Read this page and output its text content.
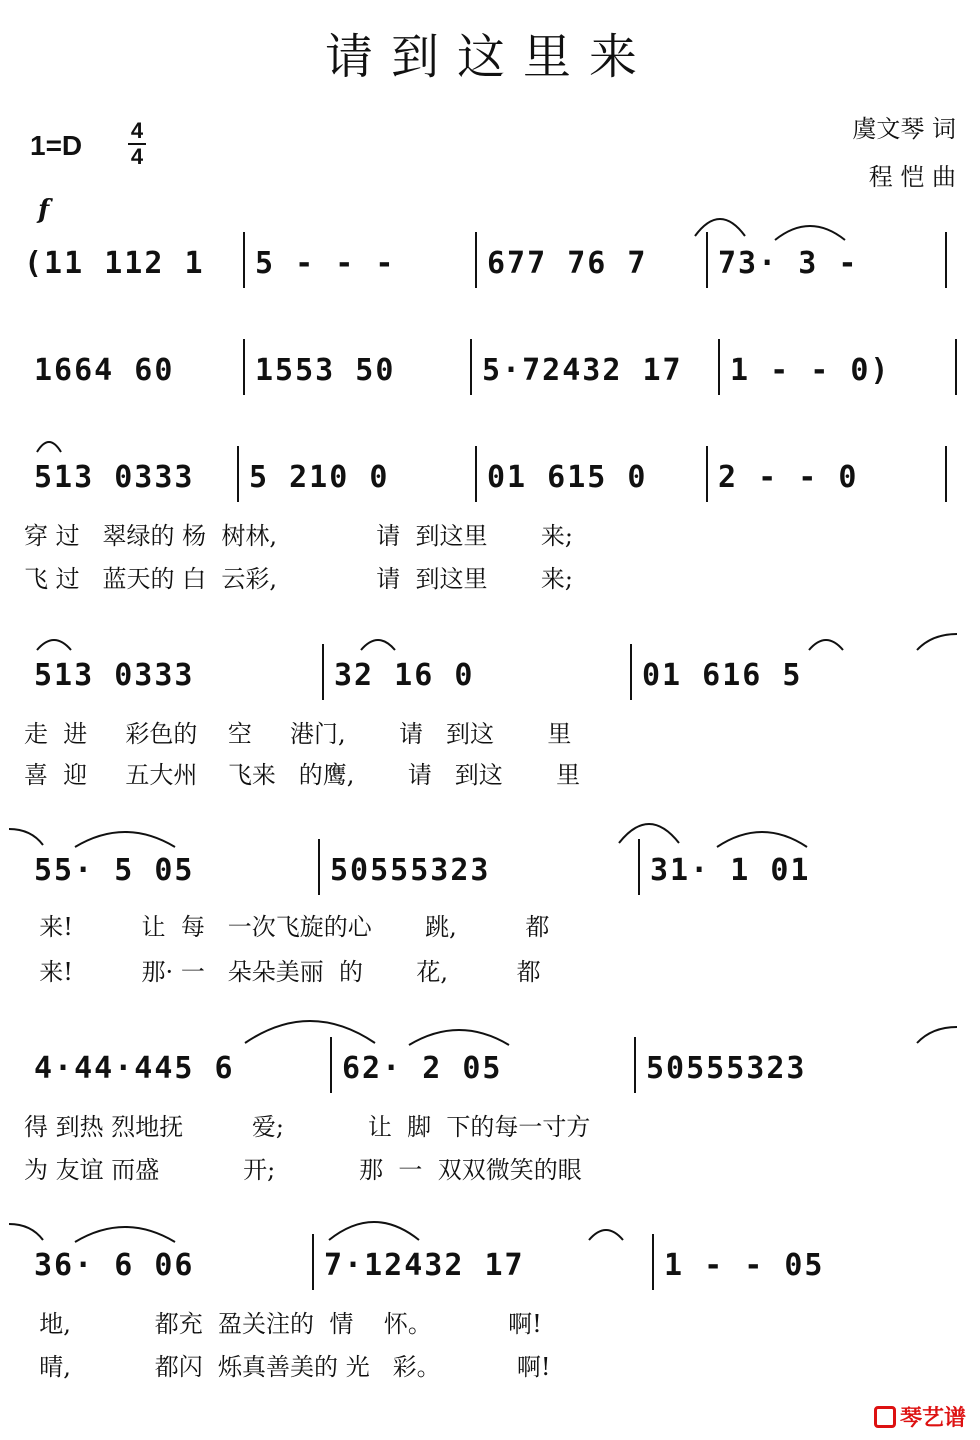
请到这里来
1=D 4
4
虞文琴 词
程 恺 曲
f
(11 112 1	5 - - -	677 76 7	73· 3 -
1664 60	1553 50	5·72432 17	1 - - 0)
513 0333	5 210 0	01 615 0	2 - - 0
穿 过   翠绿的 杨  树林,             请  到这里       来;
飞 过   蓝天的 白  云彩,             请  到这里       来;
513 0333	32 16 0	01 616 5
走  进     彩色的    空     港门,       请   到这       里
喜  迎     五大州    飞来   的鹰,       请   到这       里
55· 5 05	50555323	31· 1 01
来!         让  每   一次飞旋的心       跳,         都
来!         那· 一   朵朵美丽  的       花,         都
4·44·445 6	62· 2 05	50555323
得 到热 烈地抚         爱;           让  脚  下的每一寸方
为 友谊 而盛           开;           那  一  双双微笑的眼
36· 6 06	7·12432 17	1 - - 05
地,           都充  盈关注的  情    怀。          啊!
晴,           都闪  烁真善美的 光   彩。          啊!
琴艺谱
